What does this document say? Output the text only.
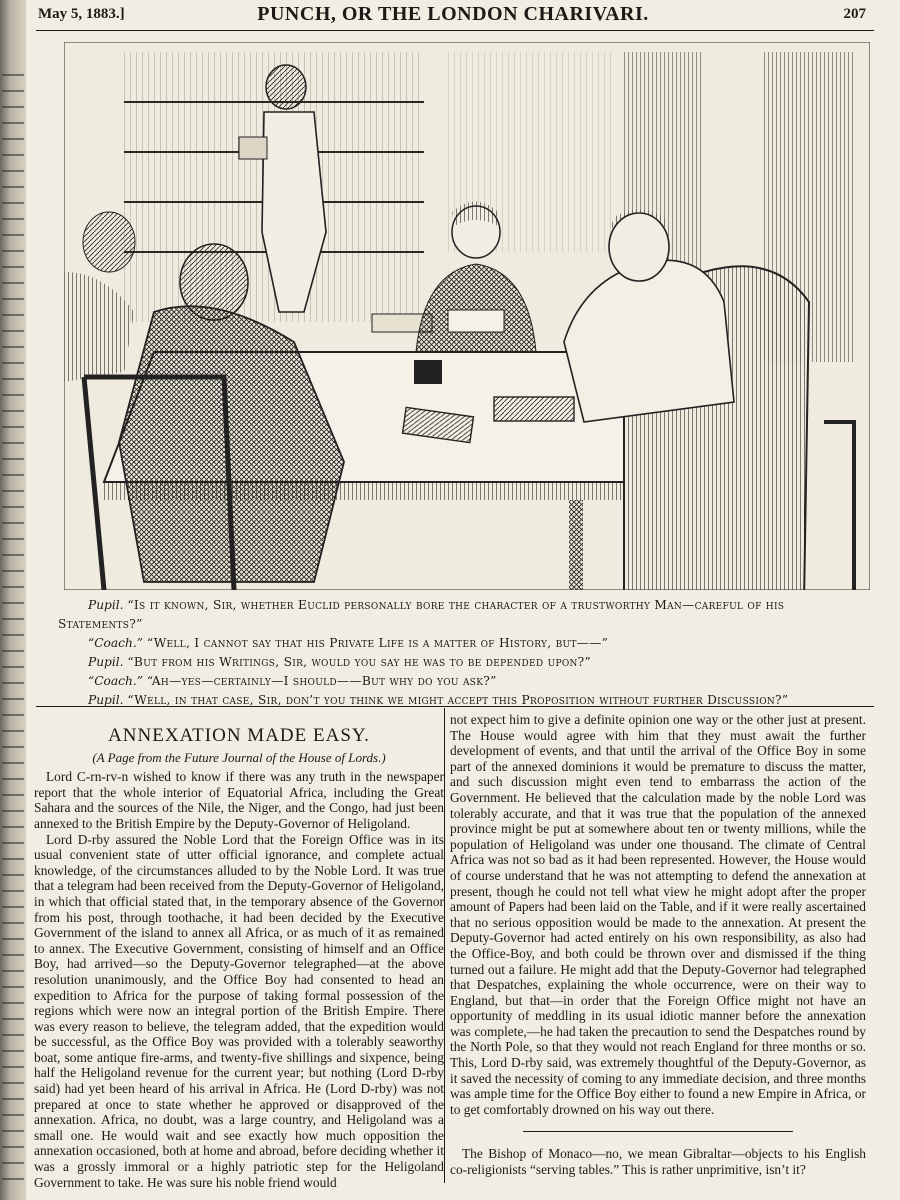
PUNCH, OR THE LONDON CHARIVARI.
May 5, 1883.]	207
Pupil. “Is it known, Sir, whether Euclid personally bore the character of a trustworthy Man—careful of his
Statements?”
“Coach.” “Well, I cannot say that his Private Life is a matter of History, but——”
Pupil. “But from his Writings, Sir, would you say he was to be depended upon?”
“Coach.” “Ah—yes—certainly—I should——But why do you ask?”
Pupil. “Well, in that case, Sir, don’t you think we might accept this Proposition without further Discussion?”
ANNEXATION MADE EASY.
(A Page from the Future Journal of the House of Lords.)

Lord C-rn-rv-n wished to know if there was any truth in the newspaper report that the whole interior of Equatorial Africa, including the Great Sahara and the sources of the Nile, the Niger, and the Congo, had just been annexed to the British Empire by the Deputy-Governor of Heligoland.

Lord D-rby assured the Noble Lord that the Foreign Office was in its usual convenient state of utter official ignorance, and complete actual knowledge, of the circumstances alluded to by the Noble Lord. It was true that a telegram had been received from the Deputy-Governor of Heligoland, in which that official stated that, in the temporary absence of the Governor from his post, through toothache, it had been decided by the Executive Government of the island to annex all Africa, or as much of it as remained to annex. The Executive Government, consisting of himself and an Office Boy, had arrived—so the Deputy-Governor telegraphed—at the above resolution unanimously, and the Office Boy had consented to head an expedition to Africa for the purpose of taking formal possession of the regions which were now an integral portion of the British Empire. There was every reason to believe, the telegram added, that the expedition would be successful, as the Office Boy was provided with a tolerably seaworthy boat, some antique fire-arms, and twenty-five shillings and sixpence, being half the Heligoland revenue for the current year; but nothing (Lord D-rby said) had yet been heard of his arrival in Africa. He (Lord D-rby) was not prepared at once to state whether he approved or disapproved of the annexation. Africa, no doubt, was a large country, and Heligoland was a small one. He would wait and see exactly how much opposition the annexation occasioned, both at home and abroad, before deciding whether it was a grossly immoral or a highly patriotic step for the Heligoland Government to take. He was sure his noble friend would

not expect him to give a definite opinion one way or the other just at present. The House would agree with him that they must await the further development of events, and that until the arrival of the Office Boy in some part of the annexed dominions it would be premature to discuss the matter, and such discussion might even tend to embarrass the action of the Government. He believed that the calculation made by the noble Lord was tolerably accurate, and that it was true that the population of the annexed province might be put at somewhere about ten or twenty millions, while the population of Heligoland was under one thousand. The climate of Central Africa was not so bad as it had been represented. However, the House would of course understand that he was not attempting to defend the annexation at present, though he could not tell what view he might adopt after the proper amount of Papers had been laid on the Table, and if it were really ascertained that no serious opposition would be made to the annexation. At present the Deputy-Governor had acted entirely on his own responsibility, as also had the Office-Boy, and both could be thrown over and dismissed if the thing turned out a failure. He might add that the Deputy-Governor had telegraphed that Despatches, explaining the whole occurrence, were on their way to England, but that—in order that the Foreign Office might not have an opportunity of meddling in its usual idiotic manner before the annexation was complete,—he had taken the precaution to send the Despatches round by the North Pole, so that they would not reach England for three months or so. This, Lord D-rby said, was extremely thoughtful of the Deputy-Governor, as it saved the necessity of coming to any immediate decision, and three months was ample time for the Office Boy either to found a new Empire in Africa, or to get comfortably drowned on his way out there.

The Bishop of Monaco—no, we mean Gibraltar—objects to his English co-religionists “serving tables.” This is rather unprimitive, isn’t it?
